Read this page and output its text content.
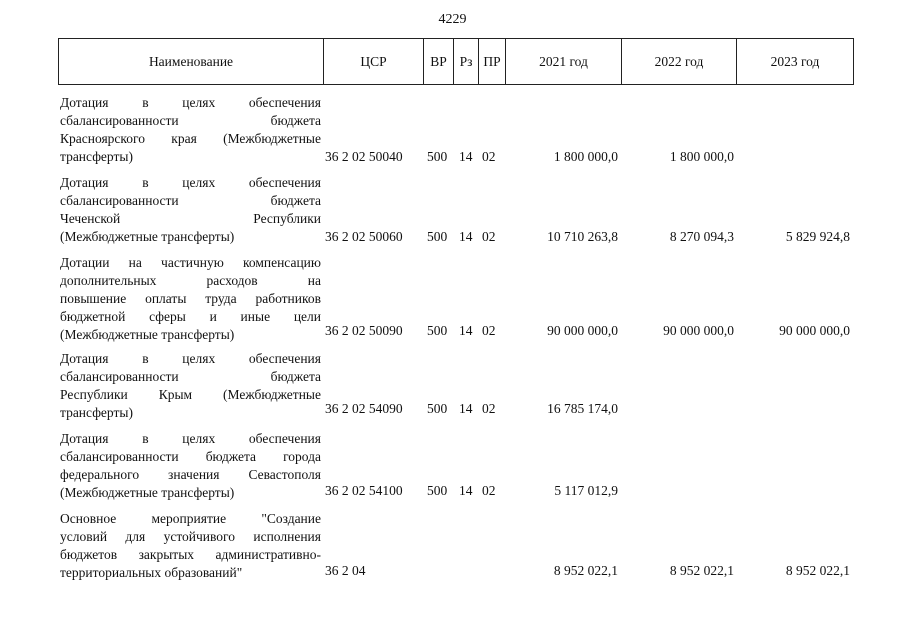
4229
Наименование	ЦСР	ВР Рз ПР	2021 год	2022 год	2023 год
Дотация в целях обеспечения
сбалансированности бюджета
Красноярского края (Межбюджетные
трансферты)	36 2 02 50040 500 14 02	1 800 000,0	1 800 000,0
Дотация в целях обеспечения
сбалансированности бюджета
Чеченской Республики
(Межбюджетные трансферты)	36 2 02 50060 500 14 02	10 710 263,8	8 270 094,3	5 829 924,8
Дотации на частичную компенсацию
дополнительных расходов на
повышение оплаты труда работников
бюджетной сферы и иные цели
(Межбюджетные трансферты)	36 2 02 50090 500 14 02	90 000 000,0	90 000 000,0	90 000 000,0
Дотация в целях обеспечения
сбалансированности бюджета
Республики Крым (Межбюджетные
трансферты)	36 2 02 54090 500 14 02	16 785 174,0
Дотация в целях обеспечения
сбалансированности бюджета города
федерального значения Севастополя
(Межбюджетные трансферты)	36 2 02 54100 500 14 02	5 117 012,9
Основное мероприятие "Создание
условий для устойчивого исполнения
бюджетов закрытых административно-
территориальных образований"	36 2 04	8 952 022,1	8 952 022,1	8 952 022,1
